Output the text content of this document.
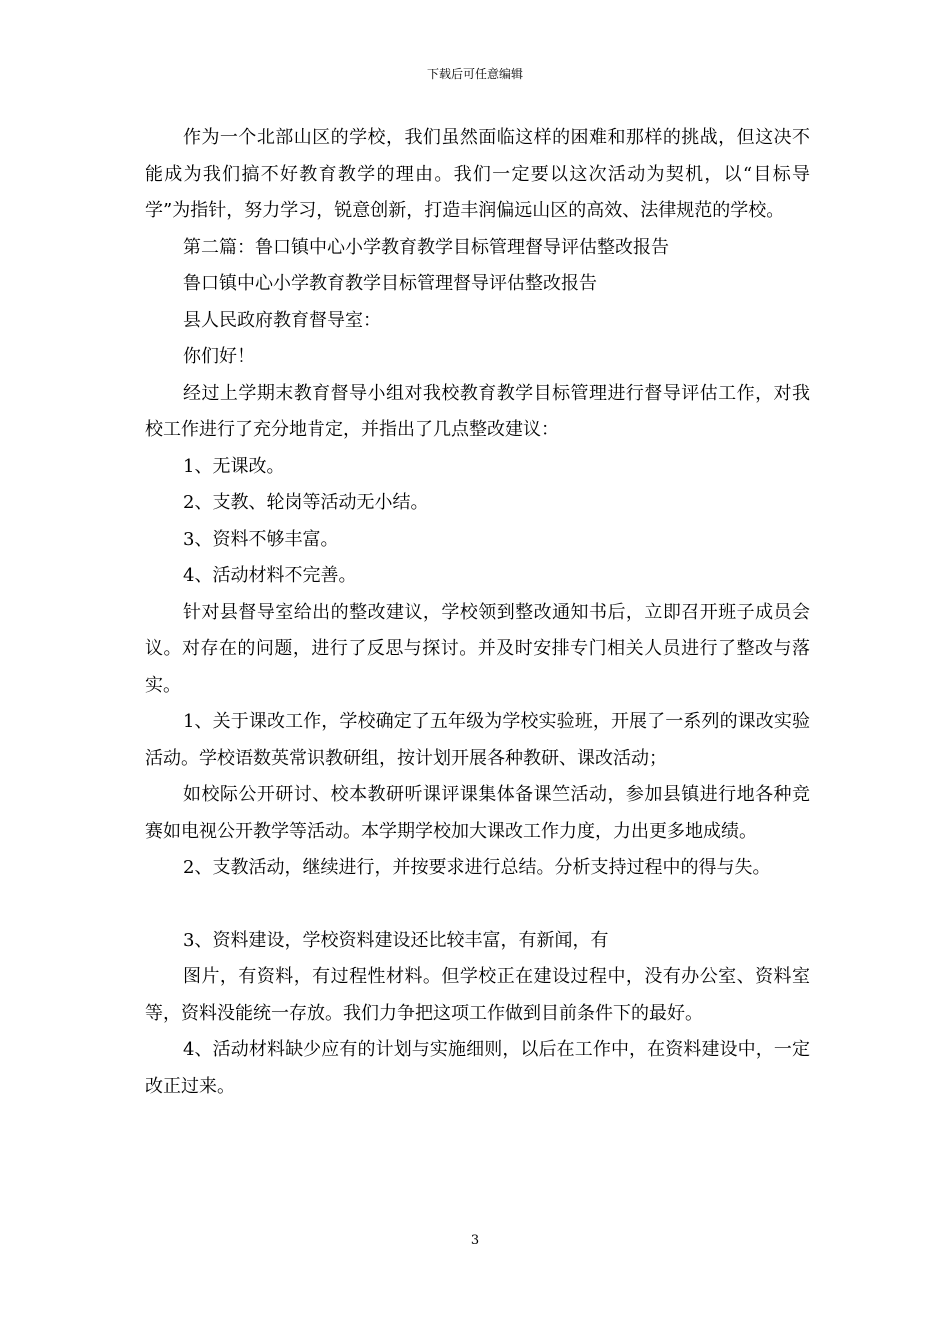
下载后可任意编辑

作为一个北部山区的学校，我们虽然面临这样的困难和那样的挑战，但这决不能成为我们搞不好教育教学的理由。我们一定要以这次活动为契机，以“目标导学”为指针，努力学习，锐意创新，打造丰润偏远山区的高效、法律规范的学校。

第二篇：鲁口镇中心小学教育教学目标管理督导评估整改报告

鲁口镇中心小学教育教学目标管理督导评估整改报告

县人民政府教育督导室：

你们好！

经过上学期末教育督导小组对我校教育教学目标管理进行督导评估工作，对我校工作进行了充分地肯定，并指出了几点整改建议：

1、无课改。

2、支教、轮岗等活动无小结。

3、资料不够丰富。

4、活动材料不完善。

针对县督导室给出的整改建议，学校领到整改通知书后，立即召开班子成员会议。对存在的问题，进行了反思与探讨。并及时安排专门相关人员进行了整改与落实。

1、关于课改工作，学校确定了五年级为学校实验班，开展了一系列的课改实验活动。学校语数英常识教研组，按计划开展各种教研、课改活动；

如校际公开研讨、校本教研听课评课集体备课竺活动，参加县镇进行地各种竞赛如电视公开教学等活动。本学期学校加大课改工作力度，力出更多地成绩。

2、支教活动，继续进行，并按要求进行总结。分析支持过程中的得与失。

3、资料建设，学校资料建设还比较丰富，有新闻，有

图片，有资料，有过程性材料。但学校正在建设过程中，没有办公室、资料室等，资料没能统一存放。我们力争把这项工作做到目前条件下的最好。

4、活动材料缺少应有的计划与实施细则，以后在工作中，在资料建设中，一定改正过来。

3
